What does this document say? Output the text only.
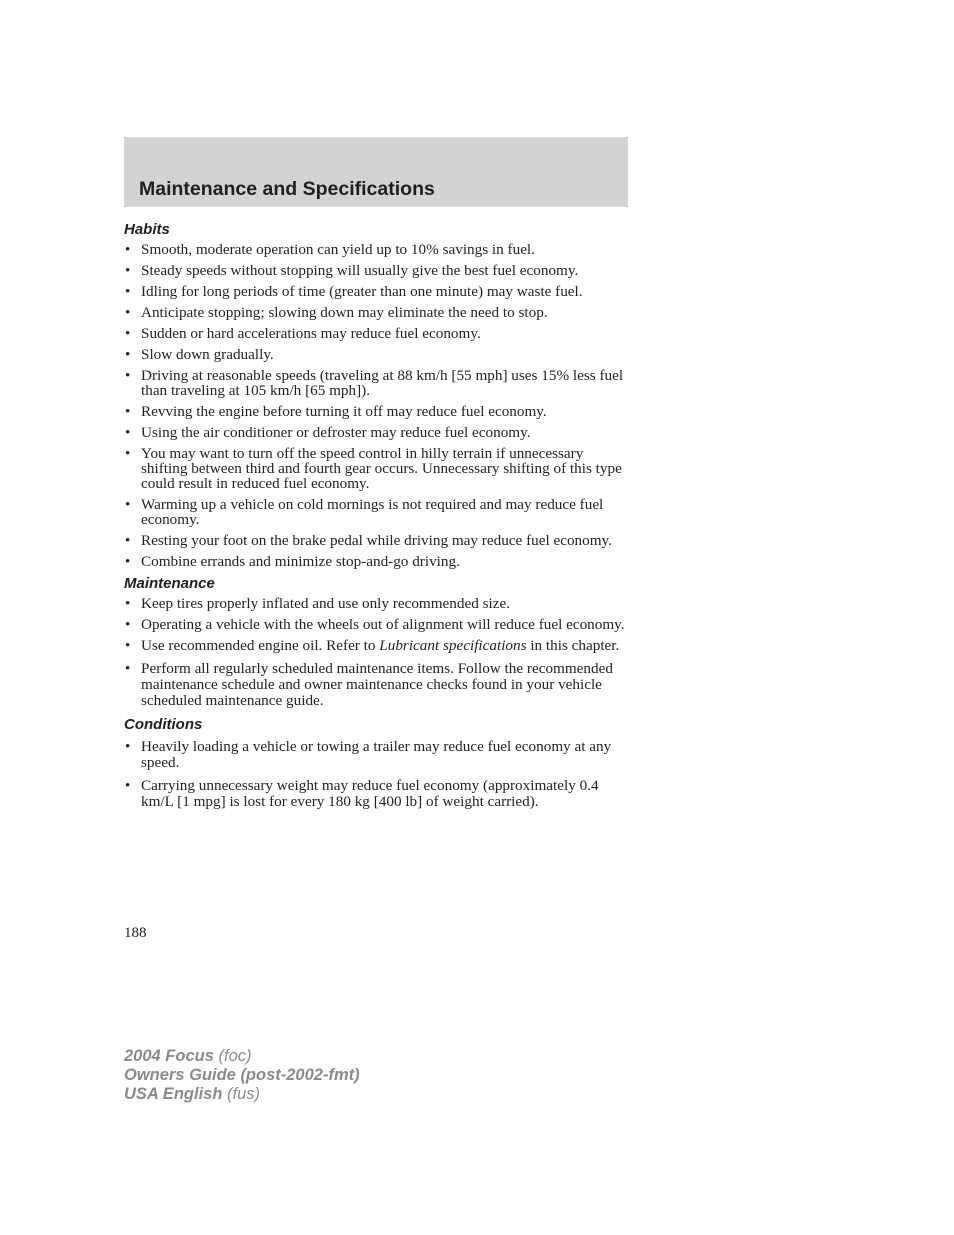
Maintenance and Specifications
Habits
• Smooth, moderate operation can yield up to 10% savings in fuel.
• Steady speeds without stopping will usually give the best fuel economy.
• Idling for long periods of time (greater than one minute) may waste fuel.
• Anticipate stopping; slowing down may eliminate the need to stop.
• Sudden or hard accelerations may reduce fuel economy.
• Slow down gradually.
• Driving at reasonable speeds (traveling at 88 km/h [55 mph] uses 15% less fuel than traveling at 105 km/h [65 mph]).
• Revving the engine before turning it off may reduce fuel economy.
• Using the air conditioner or defroster may reduce fuel economy.
• You may want to turn off the speed control in hilly terrain if unnecessary shifting between third and fourth gear occurs. Unnecessary shifting of this type could result in reduced fuel economy.
• Warming up a vehicle on cold mornings is not required and may reduce fuel economy.
• Resting your foot on the brake pedal while driving may reduce fuel economy.
• Combine errands and minimize stop-and-go driving.
Maintenance
• Keep tires properly inflated and use only recommended size.
• Operating a vehicle with the wheels out of alignment will reduce fuel economy.
• Use recommended engine oil. Refer to Lubricant specifications in this chapter.
• Perform all regularly scheduled maintenance items. Follow the recommended maintenance schedule and owner maintenance checks found in your vehicle scheduled maintenance guide.
Conditions
• Heavily loading a vehicle or towing a trailer may reduce fuel economy at any speed.
• Carrying unnecessary weight may reduce fuel economy (approximately 0.4 km/L [1 mpg] is lost for every 180 kg [400 lb] of weight carried).

188

2004 Focus (foc)
Owners Guide (post-2002-fmt)
USA English (fus)
